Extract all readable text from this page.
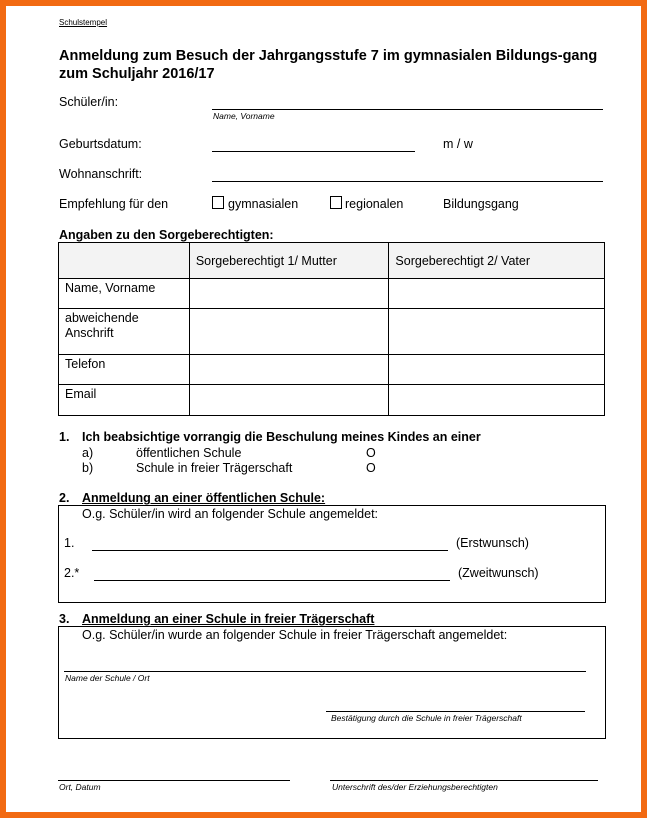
Schulstempel
Anmeldung zum Besuch der Jahrgangsstufe 7 im gymnasialen Bildungs-gang zum Schuljahr 2016/17
Schüler/in:
Name, Vorname
Geburtsdatum:	m / w
Wohnanschrift:
Empfehlung für den	gymnasialen	regionalen	Bildungsgang
Angaben zu den Sorgeberechtigten:
	Sorgeberechtigt 1/ Mutter	Sorgeberechtigt 2/ Vater
Name, Vorname		
abweichende Anschrift		
Telefon		
Email		
1. Ich beabsichtige vorrangig die Beschulung meines Kindes an einer
a)	öffentlichen Schule	O
b)	Schule in freier Trägerschaft	O
2. Anmeldung an einer öffentlichen Schule:
O.g. Schüler/in wird an folgender Schule angemeldet:
1.	(Erstwunsch)
2.*	(Zweitwunsch)
3. Anmeldung an einer Schule in freier Trägerschaft
O.g. Schüler/in wurde an folgender Schule in freier Trägerschaft angemeldet:
Name der Schule / Ort
Bestätigung durch die Schule in freier Trägerschaft
Ort, Datum	Unterschrift des/der Erziehungsberechtigten
